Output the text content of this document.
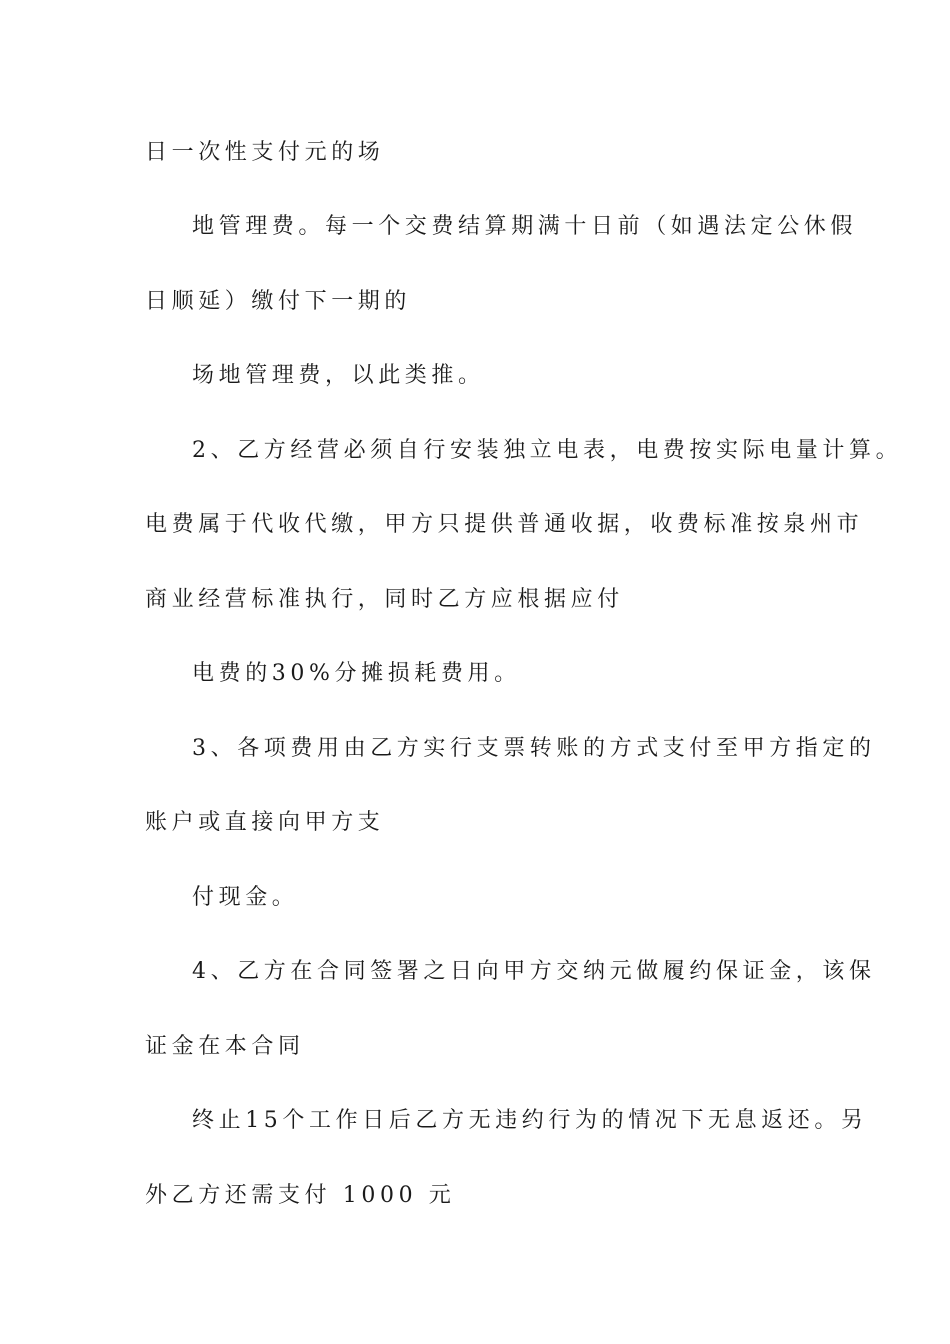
日一次性支付元的场
地管理费。每一个交费结算期满十日前（如遇法定公休假
日顺延）缴付下一期的
场地管理费，以此类推。
2、乙方经营必须自行安装独立电表，电费按实际电量计算。
电费属于代收代缴，甲方只提供普通收据，收费标准按泉州市
商业经营标准执行，同时乙方应根据应付
电费的30%分摊损耗费用。
3、各项费用由乙方实行支票转账的方式支付至甲方指定的
账户或直接向甲方支
付现金。
4、乙方在合同签署之日向甲方交纳元做履约保证金，该保
证金在本合同
终止15个工作日后乙方无违约行为的情况下无息返还。另
外乙方还需支付 1000 元
